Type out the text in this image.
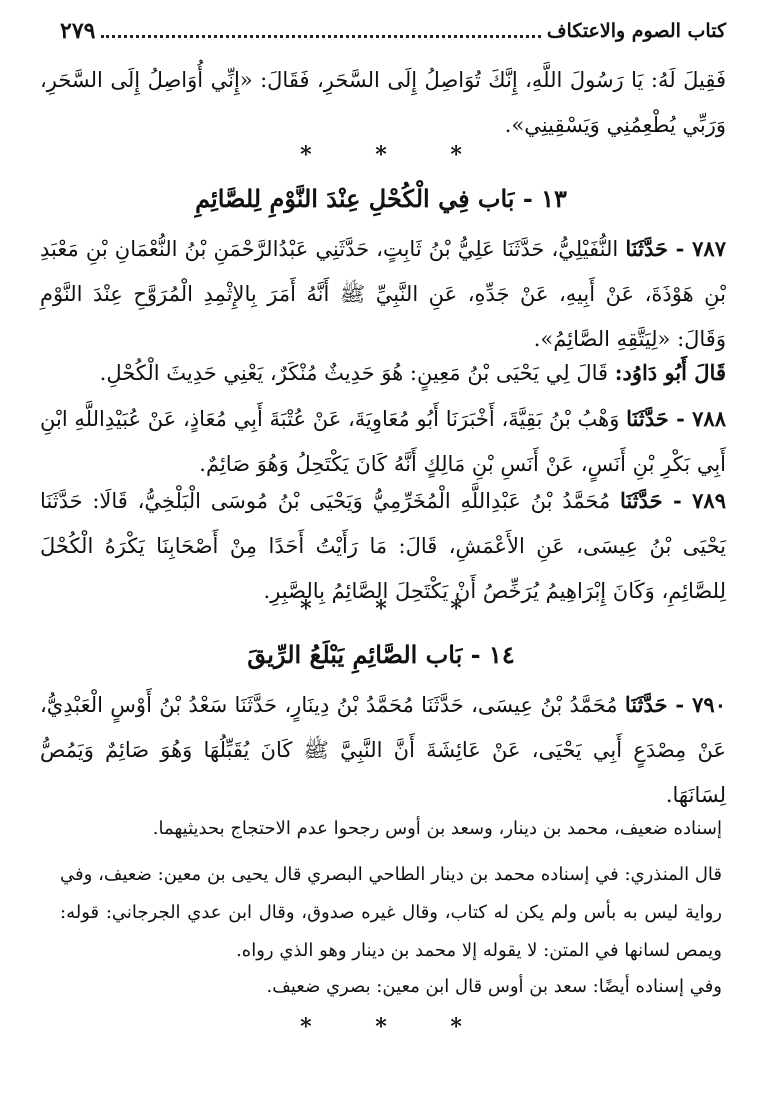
كتاب الصوم والاعتكاف
٢٧٩
فَقِيلَ لَهُ: يَا رَسُولَ اللَّهِ، إِنَّكَ تُوَاصِلُ إِلَى السَّحَرِ، فَقَالَ: «إِنِّي أُوَاصِلُ إِلَى السَّحَرِ، وَرَبِّي يُطْعِمُنِي وَيَسْقِينِي».
* * *
١٣ - بَاب فِي الْكُحْلِ عِنْدَ النَّوْمِ لِلصَّائِمِ
٧٨٧ - حَدَّثَنَا النُّفَيْلِيُّ، حَدَّثَنَا عَلِيُّ بْنُ ثَابِتٍ، حَدَّثَنِي عَبْدُالرَّحْمَنِ بْنُ النُّعْمَانِ بْنِ مَعْبَدِ بْنِ هَوْذَةَ، عَنْ أَبِيهِ، عَنْ جَدِّهِ، عَنِ النَّبِيِّ ﷺ أَنَّهُ أَمَرَ بِالإِثْمِدِ الْمُرَوَّحِ عِنْدَ النَّوْمِ وَقَالَ: «لِيَتَّقِهِ الصَّائِمُ».
قَالَ أَبُو دَاوُد: قَالَ لِي يَحْيَى بْنُ مَعِينٍ: هُوَ حَدِيثٌ مُنْكَرٌ، يَعْنِي حَدِيثَ الْكُحْلِ.
٧٨٨ - حَدَّثَنَا وَهْبُ بْنُ بَقِيَّةَ، أَخْبَرَنَا أَبُو مُعَاوِيَةَ، عَنْ عُتْبَةَ أَبِي مُعَاذٍ، عَنْ عُبَيْدِاللَّهِ ابْنِ أَبِي بَكْرِ بْنِ أَنَسٍ، عَنْ أَنَسِ بْنِ مَالِكٍ أَنَّهُ كَانَ يَكْتَحِلُ وَهُوَ صَائِمٌ.
٧٨٩ - حَدَّثَنَا مُحَمَّدُ بْنُ عَبْدِاللَّهِ الْمُخَرِّمِيُّ وَيَحْيَى بْنُ مُوسَى الْبَلْخِيُّ، قَالَا: حَدَّثَنَا يَحْيَى بْنُ عِيسَى، عَنِ الأَعْمَشِ، قَالَ: مَا رَأَيْتُ أَحَدًا مِنْ أَصْحَابِنَا يَكْرَهُ الْكُحْلَ لِلصَّائِمِ، وَكَانَ إِبْرَاهِيمُ يُرَخِّصُ أَنْ يَكْتَحِلَ الصَّائِمُ بِالصَّبِرِ.
* * *
١٤ - بَاب الصَّائِمِ يَبْلَعُ الرِّيقَ
٧٩٠ - حَدَّثَنَا مُحَمَّدُ بْنُ عِيسَى، حَدَّثَنَا مُحَمَّدُ بْنُ دِينَارٍ، حَدَّثَنَا سَعْدُ بْنُ أَوْسٍ الْعَبْدِيُّ، عَنْ مِصْدَعٍ أَبِي يَحْيَى، عَنْ عَائِشَةَ أَنَّ النَّبِيَّ ﷺ كَانَ يُقَبِّلُهَا وَهُوَ صَائِمٌ وَيَمُصُّ لِسَانَهَا.
إسناده ضعيف، محمد بن دينار، وسعد بن أوس رجحوا عدم الاحتجاج بحديثيهما.
قال المنذري: في إسناده محمد بن دينار الطاحي البصري قال يحيى بن معين: ضعيف، وفي رواية ليس به بأس ولم يكن له كتاب، وقال غيره صدوق، وقال ابن عدي الجرجاني: قوله: ويمص لسانها في المتن: لا يقوله إلا محمد بن دينار وهو الذي رواه.
وفي إسناده أيضًا: سعد بن أوس قال ابن معين: بصري ضعيف.
* * *
